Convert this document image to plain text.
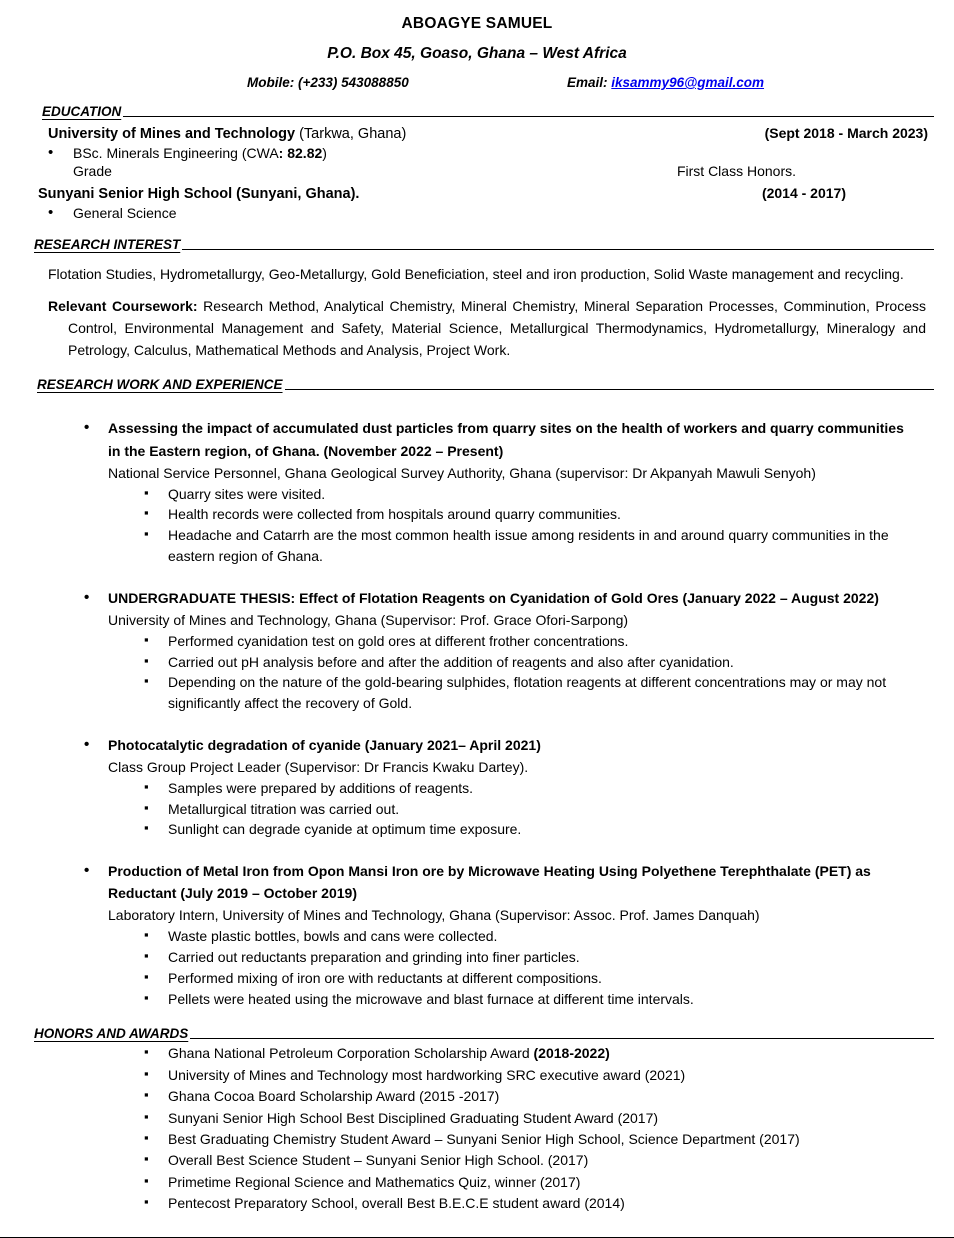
ABOAGYE SAMUEL
P.O. Box 45, Goaso, Ghana – West Africa
Mobile: (+233) 543088850	Email: iksammy96@gmail.com
EDUCATION
University of Mines and Technology (Tarkwa, Ghana)	(Sept 2018 - March 2023)
• BSc. Minerals Engineering (CWA: 82.82)
Grade	First Class Honors.
Sunyani Senior High School (Sunyani, Ghana).	(2014 - 2017)
• General Science
RESEARCH INTEREST
Flotation Studies, Hydrometallurgy, Geo-Metallurgy, Gold Beneficiation, steel and iron production, Solid Waste management and recycling.
Relevant Coursework: Research Method, Analytical Chemistry, Mineral Chemistry, Mineral Separation Processes, Comminution, Process Control, Environmental Management and Safety, Material Science, Metallurgical Thermodynamics, Hydrometallurgy, Mineralogy and Petrology, Calculus, Mathematical Methods and Analysis, Project Work.
RESEARCH WORK AND EXPERIENCE
• Assessing the impact of accumulated dust particles from quarry sites on the health of workers and quarry communities in the Eastern region, of Ghana. (November 2022 – Present)
National Service Personnel, Ghana Geological Survey Authority, Ghana (supervisor: Dr Akpanyah Mawuli Senyoh)
▪ Quarry sites were visited.
▪ Health records were collected from hospitals around quarry communities.
▪ Headache and Catarrh are the most common health issue among residents in and around quarry communities in the eastern region of Ghana.
• UNDERGRADUATE THESIS: Effect of Flotation Reagents on Cyanidation of Gold Ores (January 2022 – August 2022)
University of Mines and Technology, Ghana (Supervisor: Prof. Grace Ofori-Sarpong)
▪ Performed cyanidation test on gold ores at different frother concentrations.
▪ Carried out pH analysis before and after the addition of reagents and also after cyanidation.
▪ Depending on the nature of the gold-bearing sulphides, flotation reagents at different concentrations may or may not significantly affect the recovery of Gold.
• Photocatalytic degradation of cyanide (January 2021– April 2021)
Class Group Project Leader (Supervisor: Dr Francis Kwaku Dartey).
▪ Samples were prepared by additions of reagents.
▪ Metallurgical titration was carried out.
▪ Sunlight can degrade cyanide at optimum time exposure.
• Production of Metal Iron from Opon Mansi Iron ore by Microwave Heating Using Polyethene Terephthalate (PET) as Reductant (July 2019 – October 2019)
Laboratory Intern, University of Mines and Technology, Ghana (Supervisor: Assoc. Prof. James Danquah)
▪ Waste plastic bottles, bowls and cans were collected.
▪ Carried out reductants preparation and grinding into finer particles.
▪ Performed mixing of iron ore with reductants at different compositions.
▪ Pellets were heated using the microwave and blast furnace at different time intervals.
HONORS AND AWARDS
▪ Ghana National Petroleum Corporation Scholarship Award (2018-2022)
▪ University of Mines and Technology most hardworking SRC executive award (2021)
▪ Ghana Cocoa Board Scholarship Award (2015 -2017)
▪ Sunyani Senior High School Best Disciplined Graduating Student Award (2017)
▪ Best Graduating Chemistry Student Award – Sunyani Senior High School, Science Department (2017)
▪ Overall Best Science Student – Sunyani Senior High School. (2017)
▪ Primetime Regional Science and Mathematics Quiz, winner (2017)
▪ Pentecost Preparatory School, overall Best B.E.C.E student award (2014)
